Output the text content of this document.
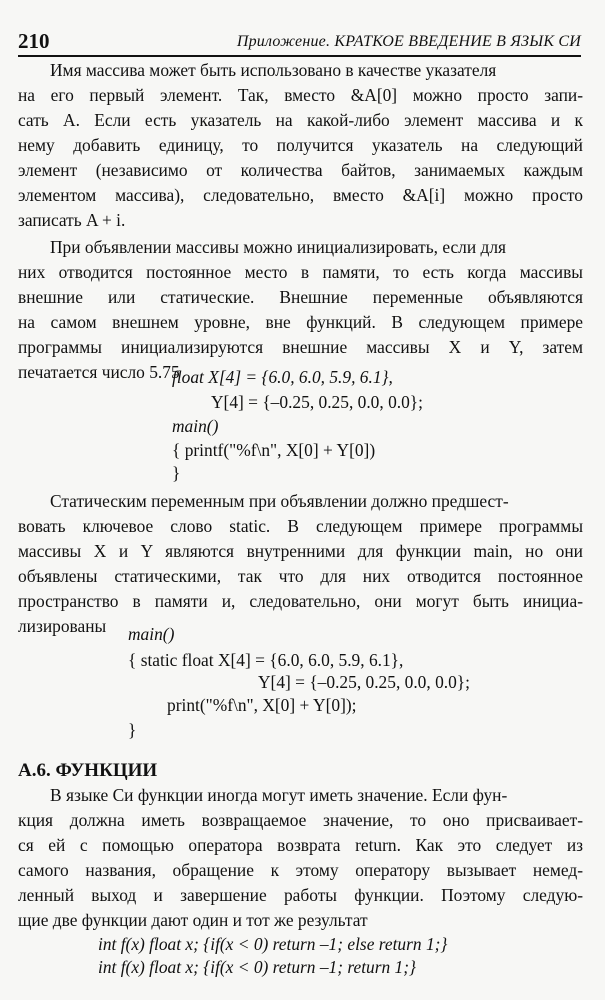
210	Приложение. КРАТКОЕ ВВЕДЕНИЕ В ЯЗЫК СИ
Имя массива может быть использовано в качестве указателя
на его первый элемент. Так, вместо &A[0] можно просто запи-
сать A. Если есть указатель на какой-либо элемент массива и к
нему добавить единицу, то получится указатель на следующий
элемент (независимо от количества байтов, занимаемых каждым
элементом массива), следовательно, вместо &A[i] можно просто
записать A + i.
При объявлении массивы можно инициализировать, если для
них отводится постоянное место в памяти, то есть когда массивы
внешние или статические. Внешние переменные объявляются
на самом внешнем уровне, вне функций. В следующем примере
программы инициализируются внешние массивы X и Y, затем
печатается число 5.75
float X[4] = {6.0, 6.0, 5.9, 6.1},
Y[4] = {–0.25, 0.25, 0.0, 0.0};
main()
{ printf("%f\n", X[0] + Y[0])
}
Статическим переменным при объявлении должно предшест-
вовать ключевое слово static. В следующем примере программы
массивы X и Y являются внутренними для функции main, но они
объявлены статическими, так что для них отводится постоянное
пространство в памяти и, следовательно, они могут быть инициа-
лизированы	main()
{ static float X[4] = {6.0, 6.0, 5.9, 6.1},
Y[4] = {–0.25, 0.25, 0.0, 0.0};
print("%f\n", X[0] + Y[0]);
}
А.6. ФУНКЦИИ
В языке Си функции иногда могут иметь значение. Если фун-
кция должна иметь возвращаемое значение, то оно присваивает-
ся ей с помощью оператора возврата return. Как это следует из
самого названия, обращение к этому оператору вызывает немед-
ленный выход и завершение работы функции. Поэтому следую-
щие две функции дают один и тот же результат
int f(x) float x; {if(x < 0) return –1; else return 1;}
int f(x) float x; {if(x < 0) return –1; return 1;}
